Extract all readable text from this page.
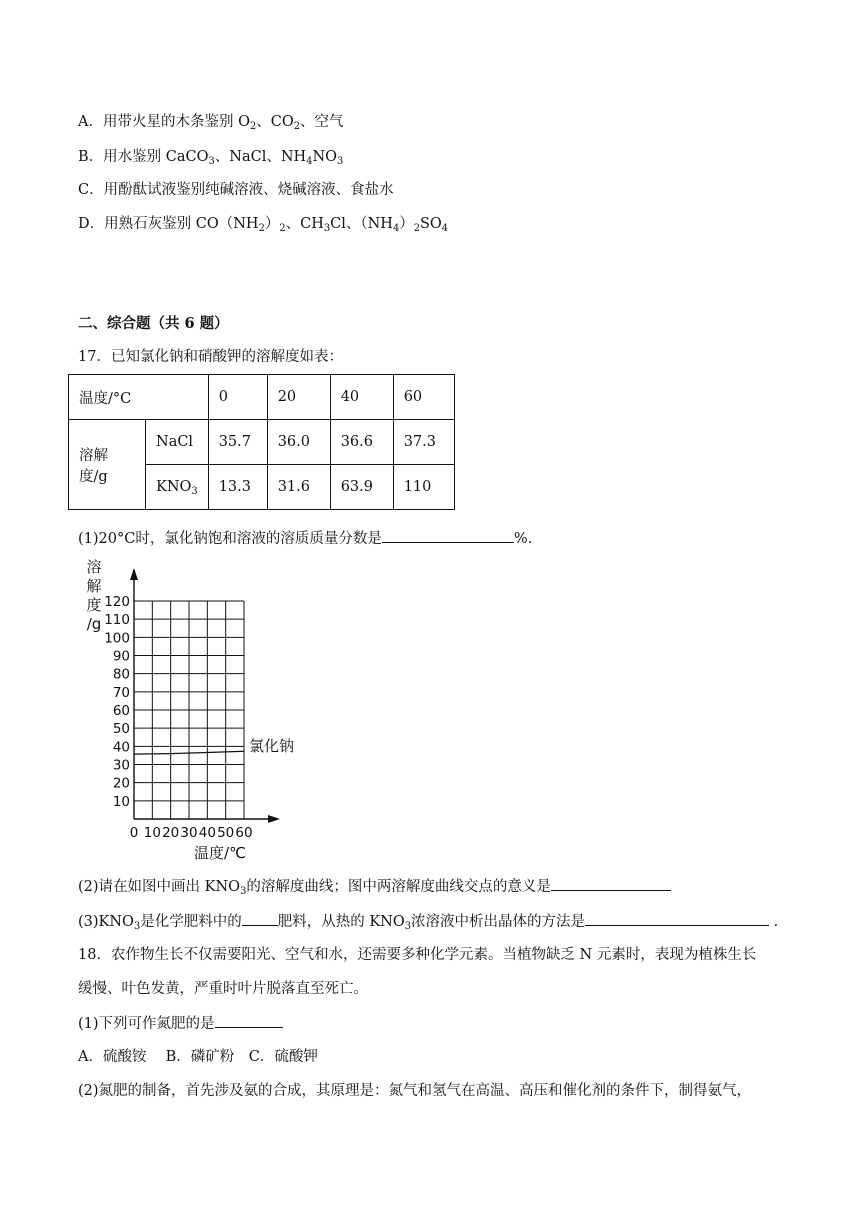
A．用带火星的木条鉴别 $O_2$、$CO_2$、空气
B．用水鉴别 CaCO$_3$、NaCl、$NH_4NO_3$
C．用酚酞试液鉴别纯碱溶液、烧碱溶液、食盐水
D．用熟石灰鉴别 $CO(NH_2)_2$、$CH_3Cl$、$(NH_4)_2SO_4$
二、综合题（共 6 题）
17．已知氯化钠和硝酸钾的溶解度如表：
温度/°C		0	20	40	60
溶解度/g	NaCl	35.7	36.0	36.6	37.3
	$KNO_3$	13.3	31.6	63.9	110
(1)20°C时，氯化钠饱和溶液的溶质质量分数是	%.
溶
解
度
/g
10
20
30
40
50
60
70
80
90
100
110
120
0 10 20 30 40 50 60
氯化钠
温度/℃
(2)请在如图中画出 $KNO_3$的溶解度曲线；图中两溶解度曲线交点的意义是
$(3)KNO_3$是化学肥料中的 肥料，从热的 $KNO_3$浓溶液中析出晶体的方法是	.
18．农作物生长不仅需要阳光、空气和水，还需要多种化学元素。当植物缺乏 N 元素时，表现为植株生长
缓慢、叶色发黄，严重时叶片脱落直至死亡。
(1)下列可作氮肥的是
A．硫酸铵　 B．磷矿粉　C．硫酸钾
(2)氮肥的制备，首先涉及氨的合成，其原理是：氮气和氢气在高温、高压和催化剂的条件下，制得氨气，
